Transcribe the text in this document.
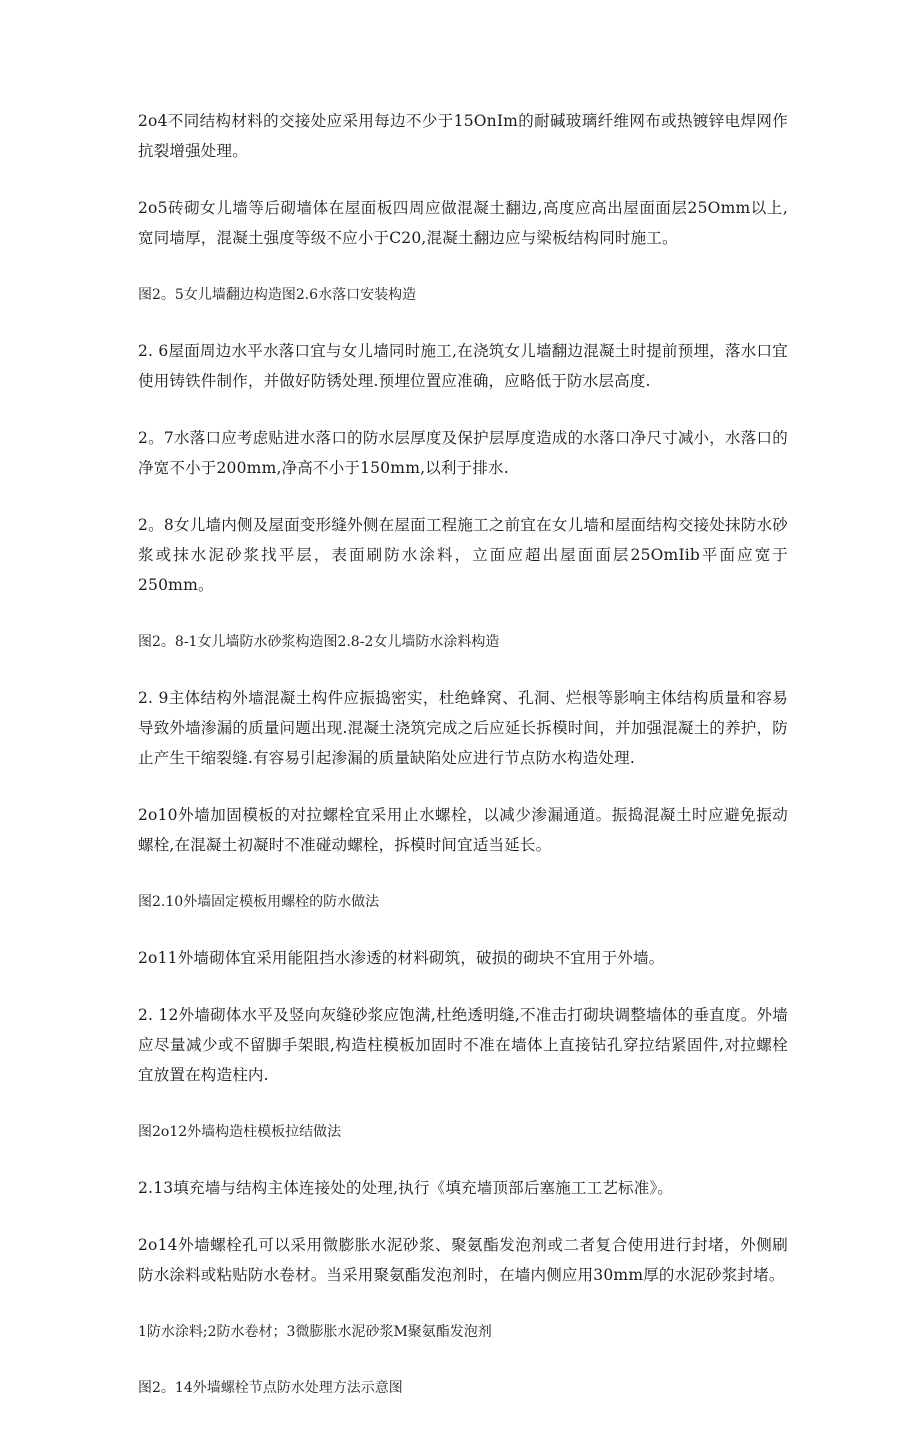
2o4不同结构材料的交接处应采用每边不少于15OnIm的耐碱玻璃纤维网布或热镀锌电焊网作抗裂增强处理。

2o5砖砌女儿墙等后砌墙体在屋面板四周应做混凝土翻边,高度应高出屋面面层25Omm以上,宽同墙厚，混凝土强度等级不应小于C20,混凝土翻边应与梁板结构同时施工。

图2。5女儿墙翻边构造图2.6水落口安装构造

2. 6屋面周边水平水落口宜与女儿墙同时施工,在浇筑女儿墙翻边混凝土时提前预埋，落水口宜使用铸铁件制作，并做好防锈处理.预埋位置应准确，应略低于防水层高度.

2。7水落口应考虑贴进水落口的防水层厚度及保护层厚度造成的水落口净尺寸减小，水落口的净宽不小于200mm,净高不小于150mm,以利于排水.

2。8女儿墙内侧及屋面变形缝外侧在屋面工程施工之前宜在女儿墙和屋面结构交接处抹防水砂浆或抹水泥砂浆找平层，表面刷防水涂料，立面应超出屋面面层25OmIib平面应宽于250mm。

图2。8-1女儿墙防水砂浆构造图2.8-2女儿墙防水涂料构造

2. 9主体结构外墙混凝土构件应振捣密实，杜绝蜂窝、孔洞、烂根等影响主体结构质量和容易导致外墙渗漏的质量问题出现.混凝土浇筑完成之后应延长拆模时间，并加强混凝土的养护，防止产生干缩裂缝.有容易引起渗漏的质量缺陷处应进行节点防水构造处理.

2o10外墙加固模板的对拉螺栓宜采用止水螺栓，以减少渗漏通道。振捣混凝土时应避免振动螺栓,在混凝土初凝时不准碰动螺栓，拆模时间宜适当延长。

图2.10外墙固定模板用螺栓的防水做法

2o11外墙砌体宜采用能阻挡水渗透的材料砌筑，破损的砌块不宜用于外墙。

2. 12外墙砌体水平及竖向灰缝砂浆应饱满,杜绝透明缝,不准击打砌块调整墙体的垂直度。外墙应尽量减少或不留脚手架眼,构造柱模板加固时不准在墙体上直接钻孔穿拉结紧固件,对拉螺栓宜放置在构造柱内.

图2o12外墙构造柱模板拉结做法

2.13填充墙与结构主体连接处的处理,执行《填充墙顶部后塞施工工艺标准》。

2o14外墙螺栓孔可以采用微膨胀水泥砂浆、聚氨酯发泡剂或二者复合使用进行封堵，外侧刷防水涂料或粘贴防水卷材。当采用聚氨酯发泡剂时，在墙内侧应用30mm厚的水泥砂浆封堵。

1防水涂料;2防水卷材；3微膨胀水泥砂浆M聚氨酯发泡剂

图2。14外墙螺栓节点防水处理方法示意图
